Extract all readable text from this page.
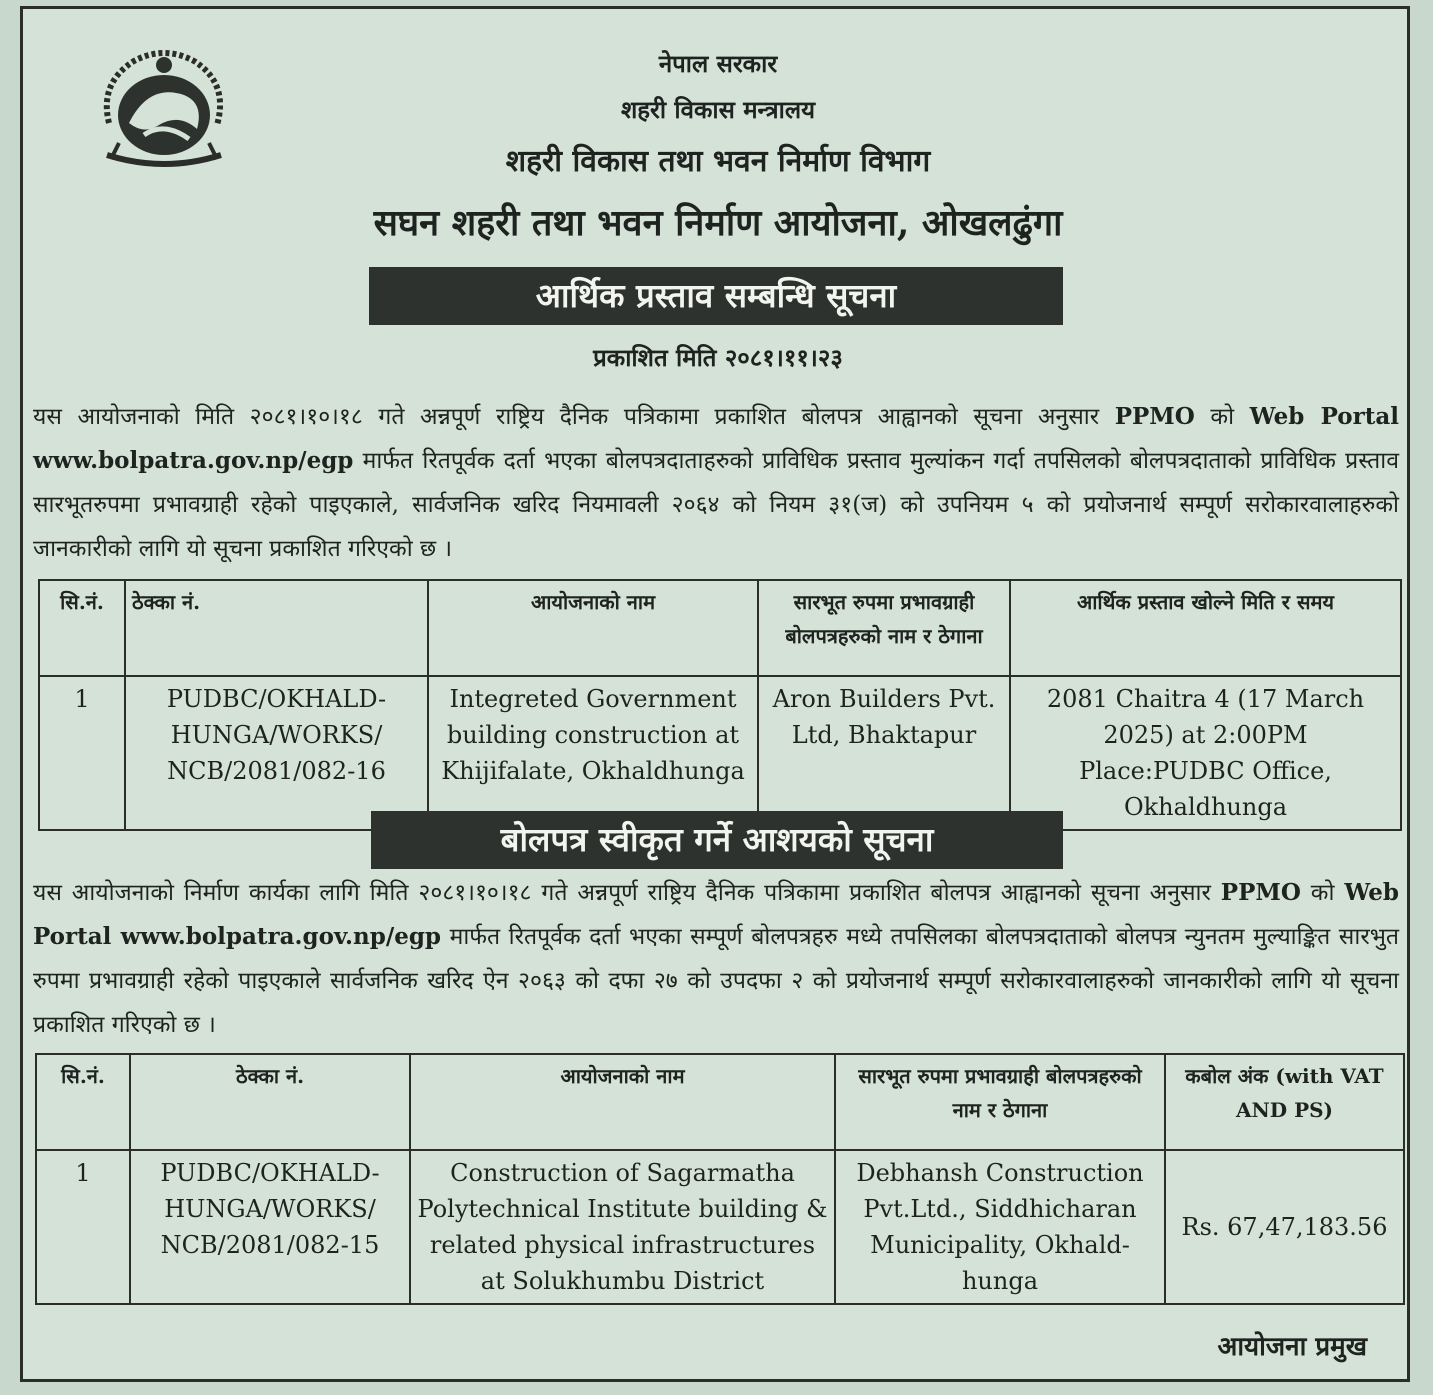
नेपाल सरकार
शहरी विकास मन्त्रालय
शहरी विकास तथा भवन निर्माण विभाग
सघन शहरी तथा भवन निर्माण आयोजना, ओखलढुंगा
आर्थिक प्रस्ताव सम्बन्धि सूचना
प्रकाशित मिति २०८१।११।२३
यस आयोजनाको मिति २०८१।१०।१८ गते अन्नपूर्ण राष्ट्रिय दैनिक पत्रिकामा प्रकाशित बोलपत्र आह्वानको सूचना अनुसार PPMO को Web Portal www.bolpatra.gov.np/egp मार्फत रितपूर्वक दर्ता भएका बोलपत्रदाताहरुको प्राविधिक प्रस्ताव मुल्यांकन गर्दा तपसिलको बोलपत्रदाताको प्राविधिक प्रस्ताव सारभूतरुपमा प्रभावग्राही रहेको पाइएकाले, सार्वजनिक खरिद नियमावली २०६४ को नियम ३१(ज) को उपनियम ५ को प्रयोजनार्थ सम्पूर्ण सरोकारवालाहरुको जानकारीको लागि यो सूचना प्रकाशित गरिएको छ ।
सि.नं.	ठेक्का नं.	आयोजनाको नाम	सारभूत रुपमा प्रभावग्राही बोलपत्रहरुको नाम र ठेगाना	आर्थिक प्रस्ताव खोल्ने मिति र समय
1	PUDBC/OKHALD-HUNGA/WORKS/ NCB/2081/082-16	Integreted Government building construction at Khijifalate, Okhaldhunga	Aron Builders Pvt. Ltd, Bhaktapur	2081 Chaitra 4 (17 March 2025) at 2:00PM Place:PUDBC Office, Okhaldhunga
बोलपत्र स्वीकृत गर्ने आशयको सूचना
यस आयोजनाको निर्माण कार्यका लागि मिति २०८१।१०।१८ गते अन्नपूर्ण राष्ट्रिय दैनिक पत्रिकामा प्रकाशित बोलपत्र आह्वानको सूचना अनुसार PPMO को Web Portal www.bolpatra.gov.np/egp मार्फत रितपूर्वक दर्ता भएका सम्पूर्ण बोलपत्रहरु मध्ये तपसिलका बोलपत्रदाताको बोलपत्र न्युनतम मुल्याङ्कित सारभुत रुपमा प्रभावग्राही रहेको पाइएकाले सार्वजनिक खरिद ऐन २०६३ को दफा २७ को उपदफा २ को प्रयोजनार्थ सम्पूर्ण सरोकारवालाहरुको जानकारीको लागि यो सूचना प्रकाशित गरिएको छ ।
सि.नं.	ठेक्का नं.	आयोजनाको नाम	सारभूत रुपमा प्रभावग्राही बोलपत्रहरुको नाम र ठेगाना	कबोल अंक (with VAT AND PS)
1	PUDBC/OKHALD-HUNGA/WORKS/ NCB/2081/082-15	Construction of Sagarmatha Polytechnical Institute building & related physical infrastructures at Solukhumbu District	Debhansh Construction Pvt.Ltd., Siddhicharan Municipality, Okhald-hunga	Rs. 67,47,183.56
आयोजना प्रमुख
